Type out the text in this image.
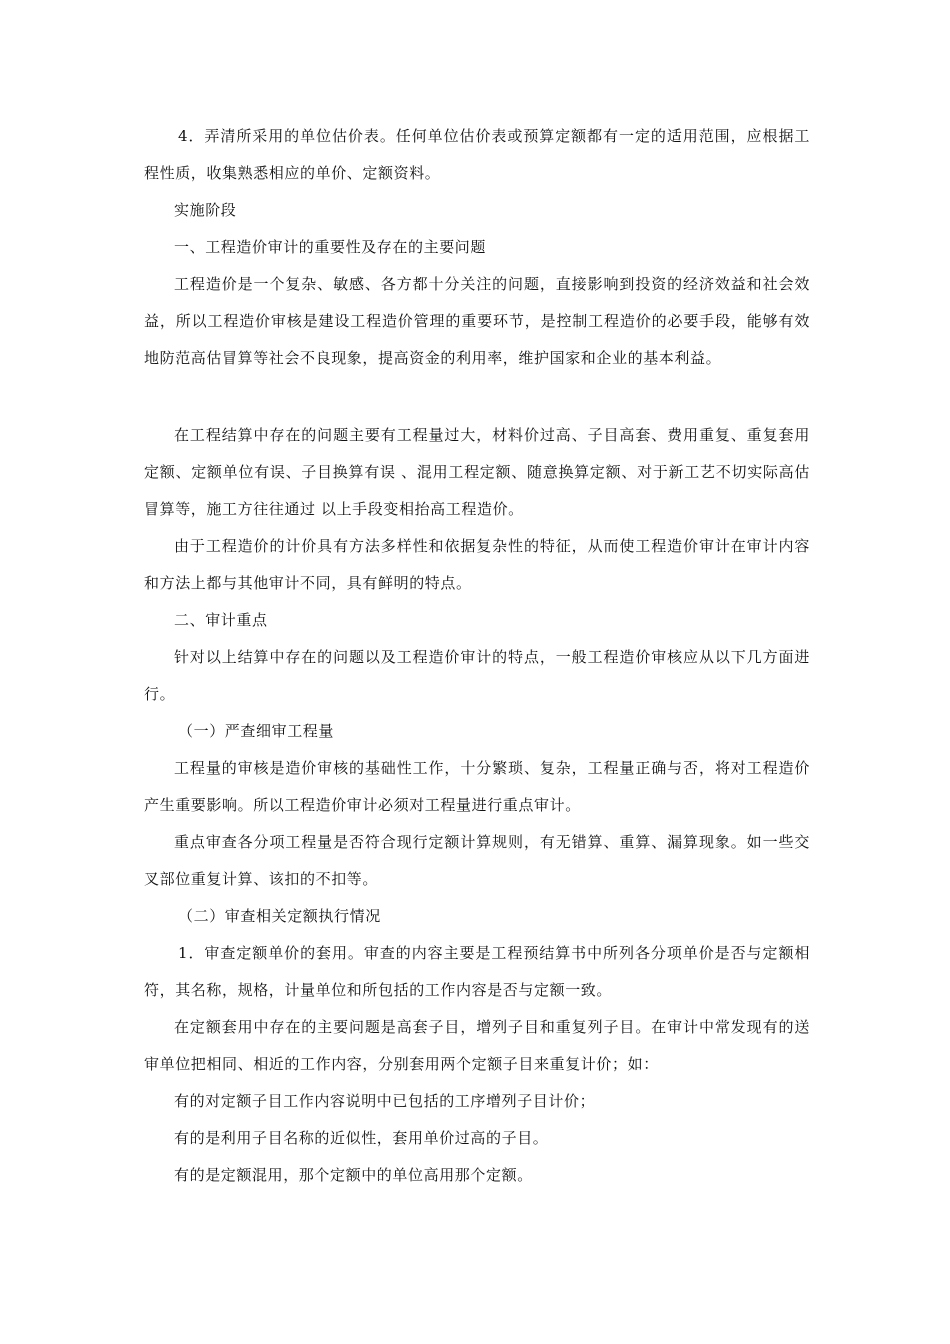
4．弄清所采用的单位估价表。任何单位估价表或预算定额都有一定的适用范围，应根据工程性质，收集熟悉相应的单价、定额资料。

实施阶段

一、工程造价审计的重要性及存在的主要问题

工程造价是一个复杂、敏感、各方都十分关注的问题，直接影响到投资的经济效益和社会效益，所以工程造价审核是建设工程造价管理的重要环节，是控制工程造价的必要手段，能够有效地防范高估冒算等社会不良现象，提高资金的利用率，维护国家和企业的基本利益。

在工程结算中存在的问题主要有工程量过大，材料价过高、子目高套、费用重复、重复套用定额、定额单位有误、子目换算有误 、混用工程定额、随意换算定额、对于新工艺不切实际高估冒算等，施工方往往通过 以上手段变相抬高工程造价。

由于工程造价的计价具有方法多样性和依据复杂性的特征，从而使工程造价审计在审计内容和方法上都与其他审计不同，具有鲜明的特点。

二、审计重点

针对以上结算中存在的问题以及工程造价审计的特点，一般工程造价审核应从以下几方面进行。

（一）严查细审工程量

工程量的审核是造价审核的基础性工作，十分繁琐、复杂，工程量正确与否，将对工程造价产生重要影响。所以工程造价审计必须对工程量进行重点审计。

重点审查各分项工程量是否符合现行定额计算规则，有无错算、重算、漏算现象。如一些交叉部位重复计算、该扣的不扣等。

（二）审查相关定额执行情况

1．审查定额单价的套用。审查的内容主要是工程预结算书中所列各分项单价是否与定额相符，其名称，规格，计量单位和所包括的工作内容是否与定额一致。

在定额套用中存在的主要问题是高套子目，增列子目和重复列子目。在审计中常发现有的送审单位把相同、相近的工作内容，分别套用两个定额子目来重复计价；如：

有的对定额子目工作内容说明中已包括的工序增列子目计价；

有的是利用子目名称的近似性，套用单价过高的子目。

有的是定额混用，那个定额中的单位高用那个定额。
